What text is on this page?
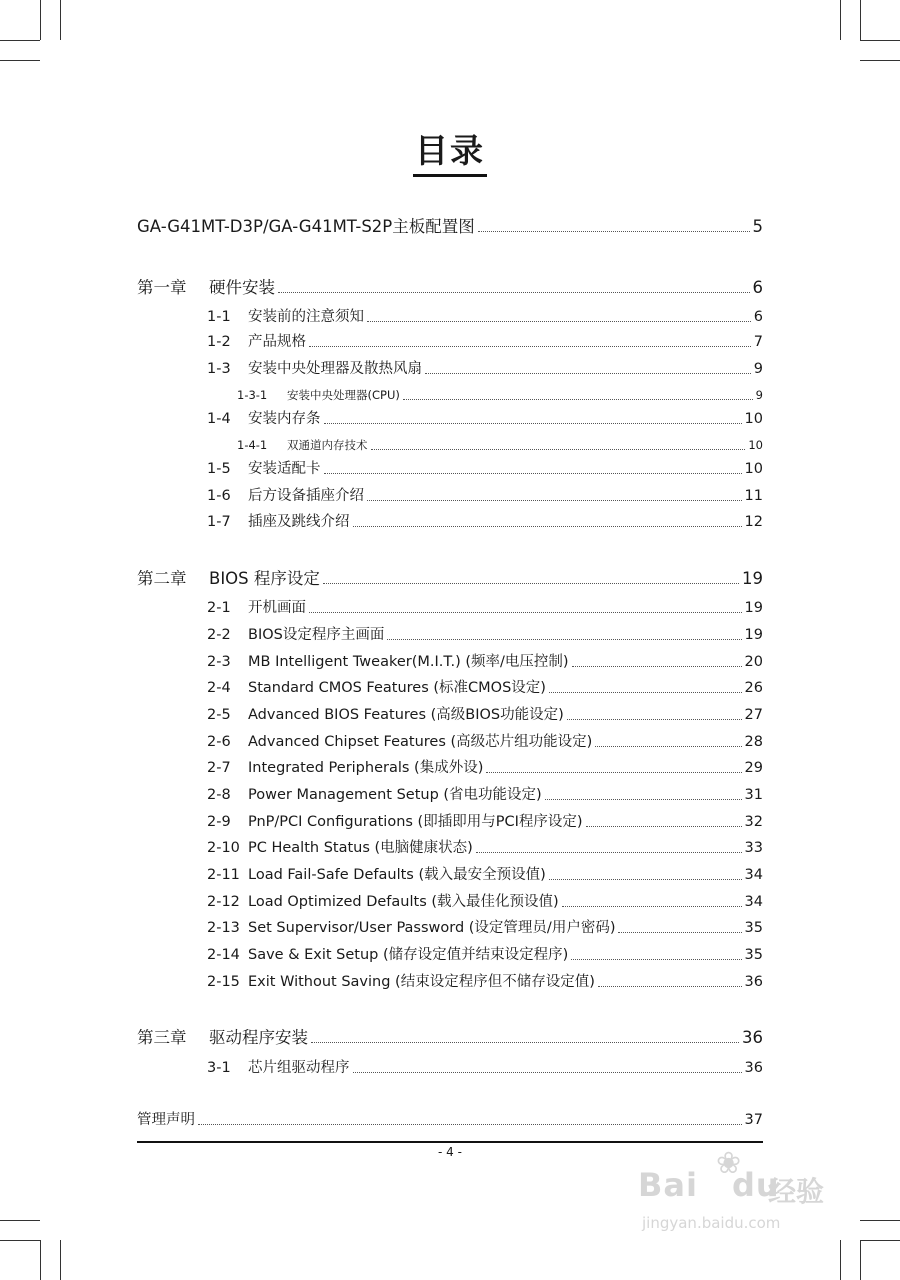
目录
GA-G41MT-D3P/GA-G41MT-S2P主板配置图	5
第一章	硬件安装	6
1-1	安装前的注意须知	6
1-2	产品规格	7
1-3	安装中央处理器及散热风扇	9
1-3-1	安装中央处理器(CPU)	9
1-4	安装内存条	10
1-4-1	双通道内存技术	10
1-5	安装适配卡	10
1-6	后方设备插座介绍	11
1-7	插座及跳线介绍	12
第二章	BIOS 程序设定	19
2-1	开机画面	19
2-2	BIOS设定程序主画面	19
2-3	MB Intelligent Tweaker(M.I.T.) (频率/电压控制)	20
2-4	Standard CMOS Features (标准CMOS设定)	26
2-5	Advanced BIOS Features (高级BIOS功能设定)	27
2-6	Advanced Chipset Features (高级芯片组功能设定)	28
2-7	Integrated Peripherals (集成外设)	29
2-8	Power Management Setup (省电功能设定)	31
2-9	PnP/PCI Configurations (即插即用与PCI程序设定)	32
2-10 PC Health Status (电脑健康状态)	33
2-11 Load Fail-Safe Defaults (载入最安全预设值)	34
2-12 Load Optimized Defaults (载入最佳化预设值)	34
2-13 Set Supervisor/User Password (设定管理员/用户密码)	35
2-14 Save & Exit Setup (储存设定值并结束设定程序)	35
2-15 Exit Without Saving (结束设定程序但不储存设定值)	36
第三章	驱动程序安装	36
3-1	芯片组驱动程序	36
管理声明	37
- 4 -
Bai du
❀
经验
jingyan.baidu.com
